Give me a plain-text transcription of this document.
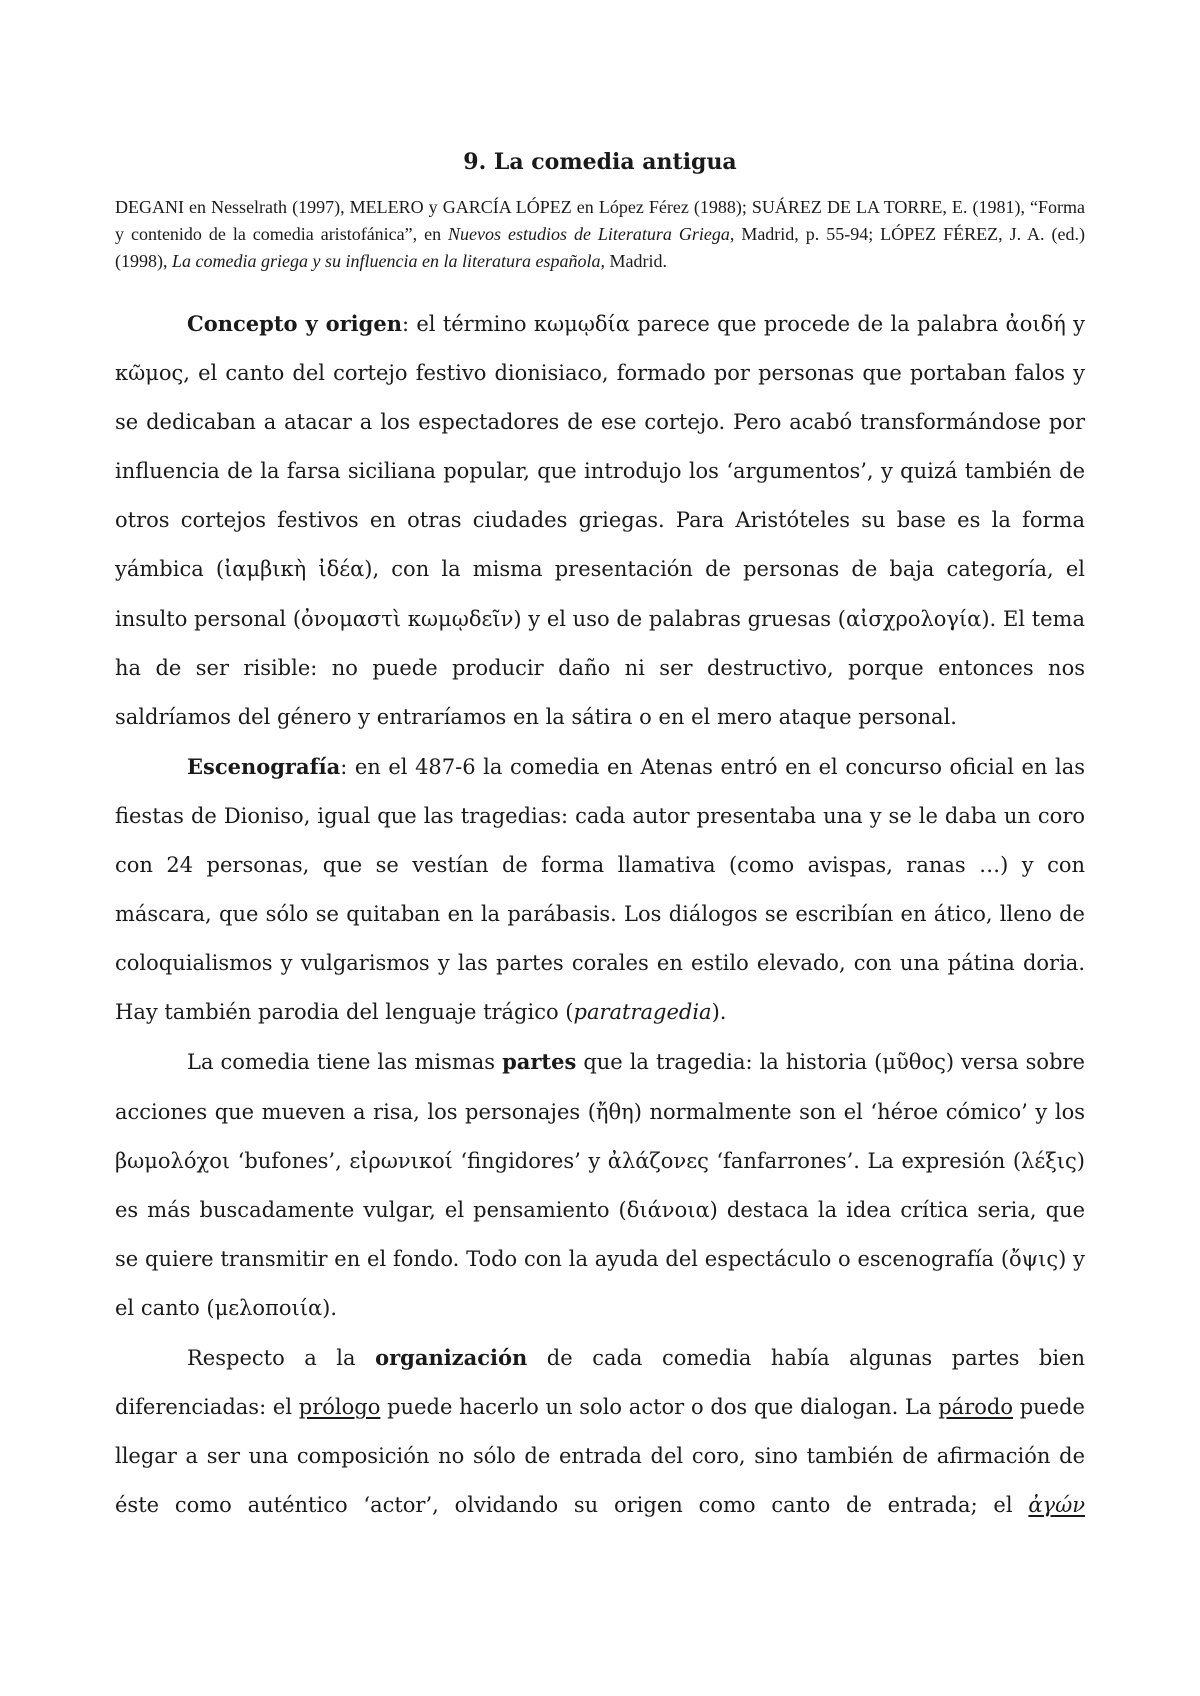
9. La comedia antigua

DEGANI en Nesselrath (1997), MELERO y GARCÍA LÓPEZ en López Férez (1988); SUÁREZ DE LA TORRE, E. (1981), “Forma y contenido de la comedia aristofánica”, en Nuevos estudios de Literatura Griega, Madrid, p. 55-94; LÓPEZ FÉREZ, J. A. (ed.) (1998), La comedia griega y su influencia en la literatura española, Madrid.

Concepto y origen: el término κωμῳδία parece que procede de la palabra ἀοιδή y κῶμος, el canto del cortejo festivo dionisiaco, formado por personas que portaban falos y se dedicaban a atacar a los espectadores de ese cortejo. Pero acabó transformándose por influencia de la farsa siciliana popular, que introdujo los ‘argumentos’, y quizá también de otros cortejos festivos en otras ciudades griegas. Para Aristóteles su base es la forma yámbica (ἰαμβικὴ ἰδέα), con la misma presentación de personas de baja categoría, el insulto personal (ὀνομαστὶ κωμῳδεῖν) y el uso de palabras gruesas (αἰσχρολογία). El tema ha de ser risible: no puede producir daño ni ser destructivo, porque entonces nos saldríamos del género y entraríamos en la sátira o en el mero ataque personal.

Escenografía: en el 487-6 la comedia en Atenas entró en el concurso oficial en las fiestas de Dioniso, igual que las tragedias: cada autor presentaba una y se le daba un coro con 24 personas, que se vestían de forma llamativa (como avispas, ranas …) y con máscara, que sólo se quitaban en la parábasis. Los diálogos se escribían en ático, lleno de coloquialismos y vulgarismos y las partes corales en estilo elevado, con una pátina doria. Hay también parodia del lenguaje trágico (paratragedia).

La comedia tiene las mismas partes que la tragedia: la historia (μῦθος) versa sobre acciones que mueven a risa, los personajes (ἤθη) normalmente son el ‘héroe cómico’ y los βωμολόχοι ‘bufones’, εἰρωνικοί ‘fingidores’ y ἀλάζονες ‘fanfarrones’. La expresión (λέξις) es más buscadamente vulgar, el pensamiento (διάνοια) destaca la idea crítica seria, que se quiere transmitir en el fondo. Todo con la ayuda del espectáculo o escenografía (ὄψις) y el canto (μελοποιία).

Respecto a la organización de cada comedia había algunas partes bien diferenciadas: el prólogo puede hacerlo un solo actor o dos que dialogan. La párodo puede llegar a ser una composición no sólo de entrada del coro, sino también de afirmación de éste como auténtico ‘actor’, olvidando su origen como canto de entrada; el ἀγών
